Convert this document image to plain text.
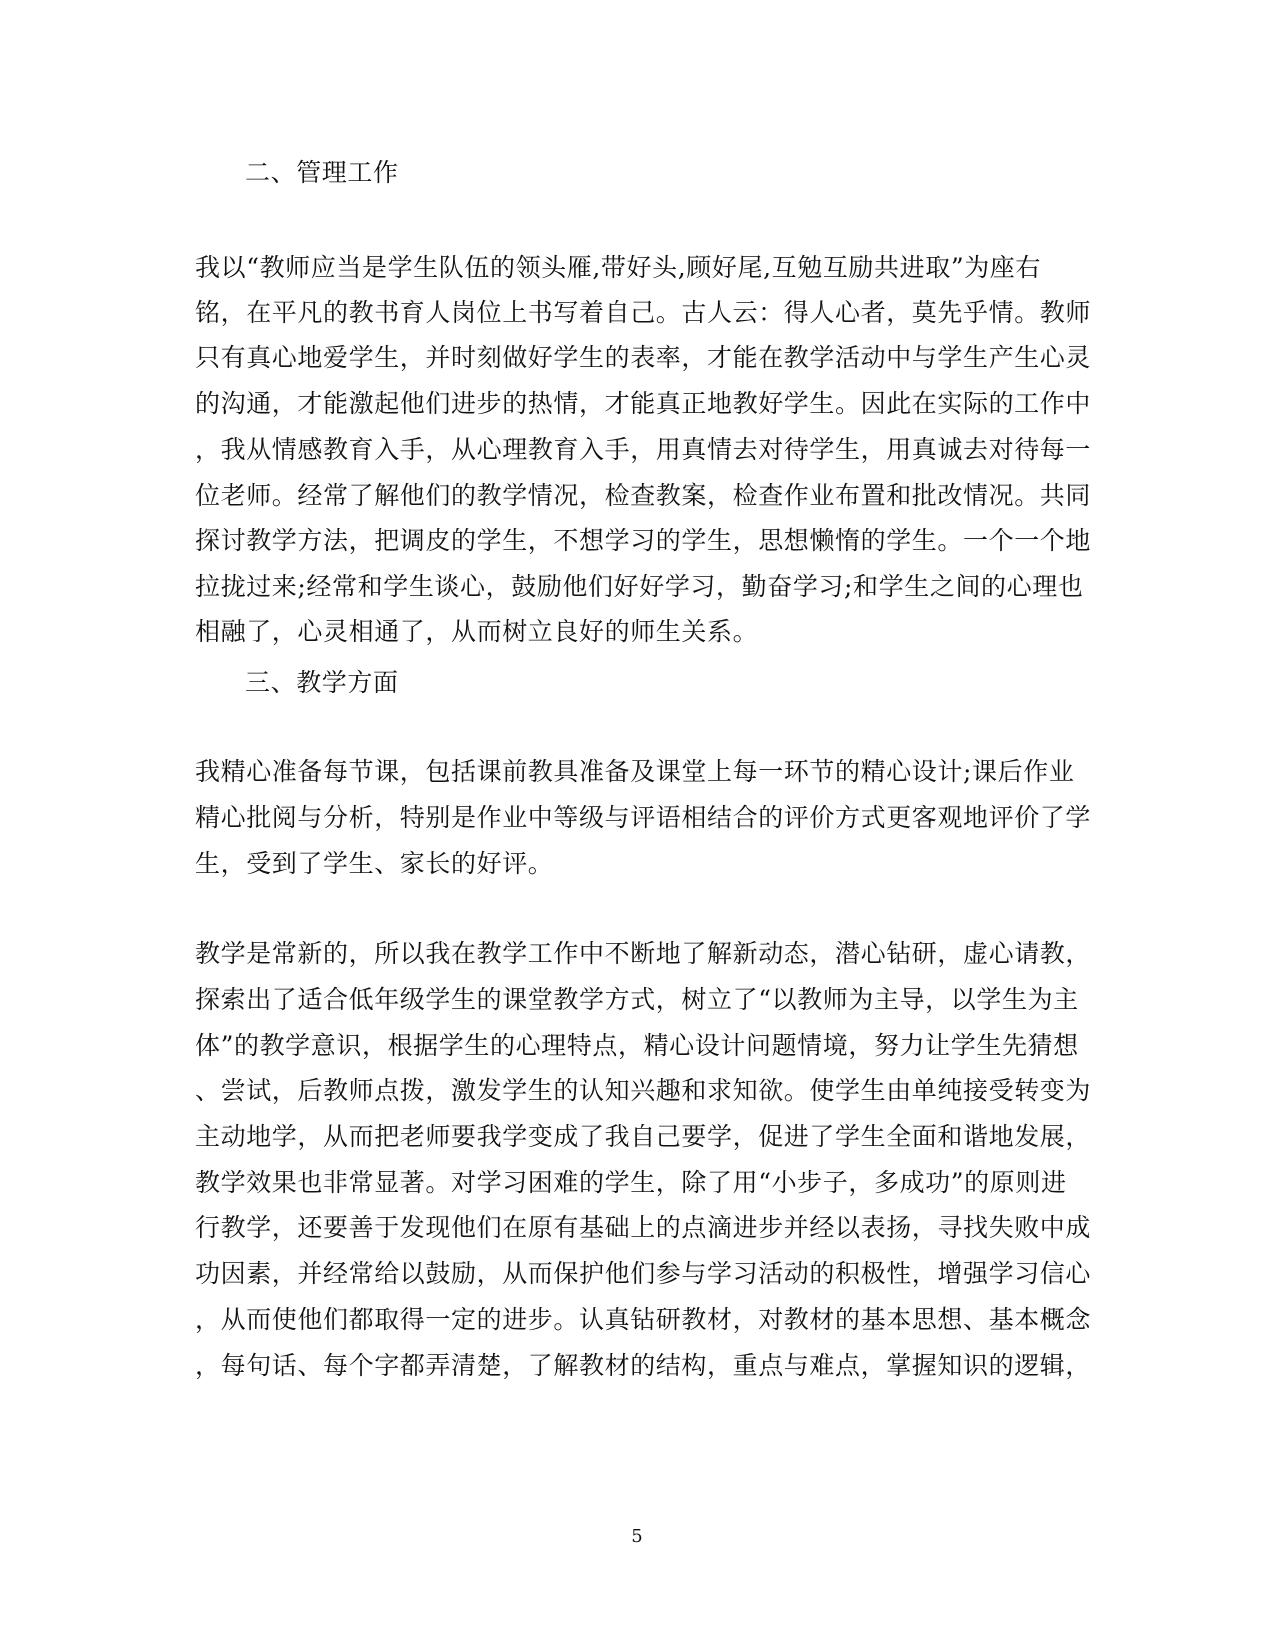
二、管理工作
我以“教师应当是学生队伍的领头雁,带好头,顾好尾,互勉互励共进取”为座右
铭，在平凡的教书育人岗位上书写着自己。古人云：得人心者，莫先乎情。教师
只有真心地爱学生，并时刻做好学生的表率，才能在教学活动中与学生产生心灵
的沟通，才能激起他们进步的热情，才能真正地教好学生。因此在实际的工作中
，我从情感教育入手，从心理教育入手，用真情去对待学生，用真诚去对待每一
位老师。经常了解他们的教学情况，检查教案，检查作业布置和批改情况。共同
探讨教学方法，把调皮的学生，不想学习的学生，思想懒惰的学生。一个一个地
拉拢过来;经常和学生谈心，鼓励他们好好学习，勤奋学习;和学生之间的心理也
相融了，心灵相通了，从而树立良好的师生关系。
三、教学方面
我精心准备每节课，包括课前教具准备及课堂上每一环节的精心设计;课后作业
精心批阅与分析，特别是作业中等级与评语相结合的评价方式更客观地评价了学
生，受到了学生、家长的好评。
教学是常新的，所以我在教学工作中不断地了解新动态，潜心钻研，虚心请教，
探索出了适合低年级学生的课堂教学方式，树立了“以教师为主导，以学生为主
体”的教学意识，根据学生的心理特点，精心设计问题情境，努力让学生先猜想
、尝试，后教师点拨，激发学生的认知兴趣和求知欲。使学生由单纯接受转变为
主动地学，从而把老师要我学变成了我自己要学，促进了学生全面和谐地发展，
教学效果也非常显著。对学习困难的学生，除了用“小步子，多成功”的原则进
行教学，还要善于发现他们在原有基础上的点滴进步并经以表扬，寻找失败中成
功因素，并经常给以鼓励，从而保护他们参与学习活动的积极性，增强学习信心
，从而使他们都取得一定的进步。认真钻研教材，对教材的基本思想、基本概念
，每句话、每个字都弄清楚，了解教材的结构，重点与难点，掌握知识的逻辑，
5
